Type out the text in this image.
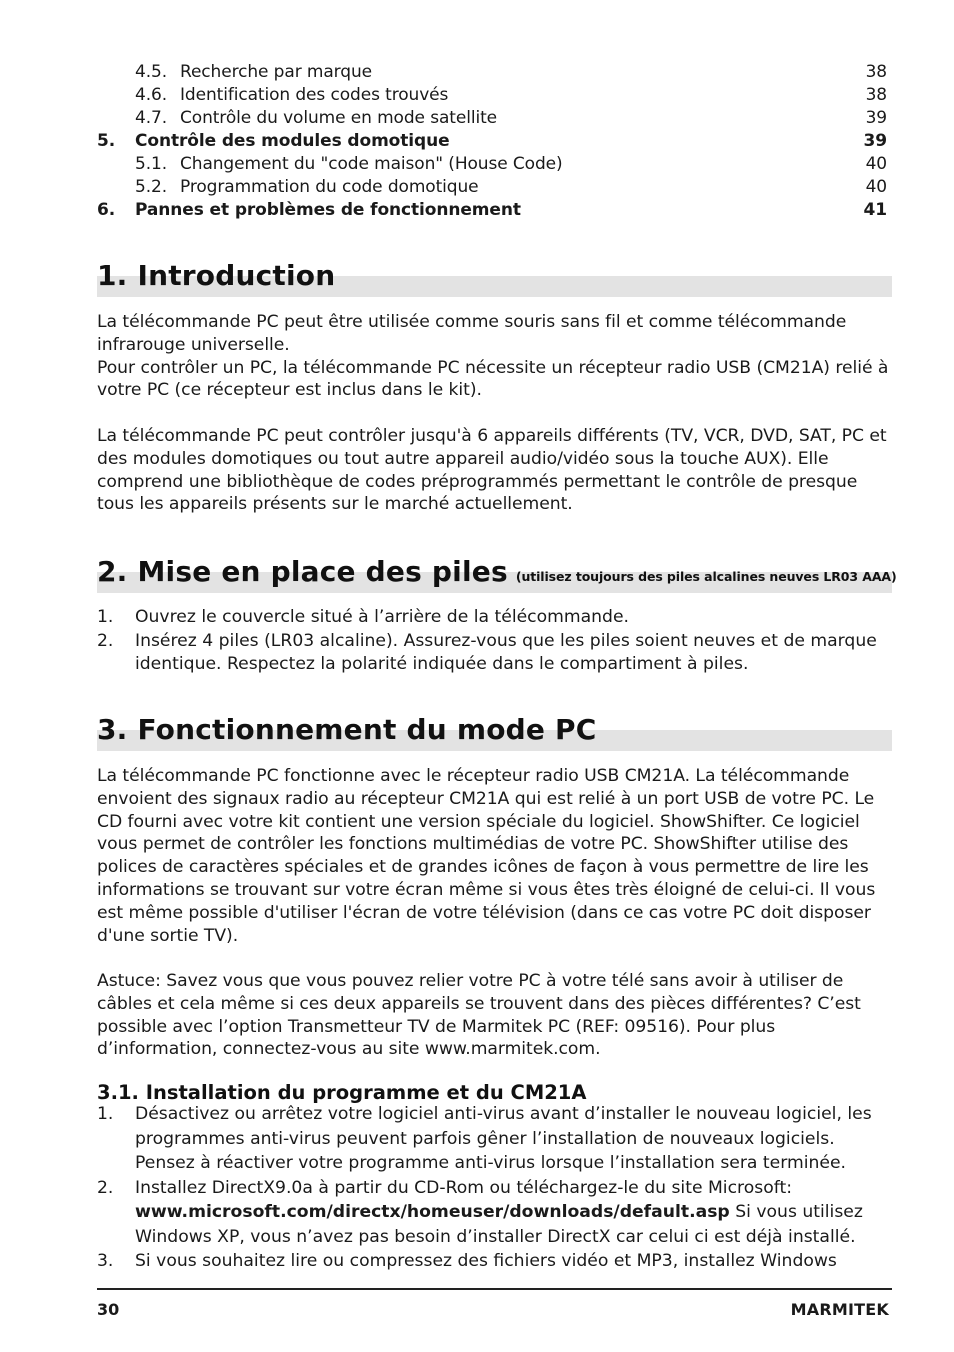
4.5. Recherche par marque	38
4.6. Identification des codes trouvés	38
4.7. Contrôle du volume en mode satellite	39
5.	Contrôle des modules domotique	39
5.1. Changement du "code maison" (House Code)	40
5.2. Programmation du code domotique	40
6.	Pannes et problèmes de fonctionnement	41
1. Introduction
La télécommande PC peut être utilisée comme souris sans fil et comme télécommande infrarouge universelle.
Pour contrôler un PC, la télécommande PC nécessite un récepteur radio USB (CM21A) relié à votre PC (ce récepteur est inclus dans le kit).

La télécommande PC peut contrôler jusqu'à 6 appareils différents (TV, VCR, DVD, SAT, PC et des modules domotiques ou tout autre appareil audio/vidéo sous la touche AUX). Elle comprend une bibliothèque de codes préprogrammés permettant le contrôle de presque tous les appareils présents sur le marché actuellement.

2. Mise en place des piles (utilisez toujours des piles alcalines neuves LR03 AAA)
1. Ouvrez le couvercle situé à l’arrière de la télécommande.
2. Insérez 4 piles (LR03 alcaline). Assurez-vous que les piles soient neuves et de marque identique. Respectez la polarité indiquée dans le compartiment à piles.
3. Fonctionnement du mode PC

La télécommande PC fonctionne avec le récepteur radio USB CM21A. La télécommande envoient des signaux radio au récepteur CM21A qui est relié à un port USB de votre PC. Le CD fourni avec votre kit contient une version spéciale du logiciel. ShowShifter. Ce logiciel vous permet de contrôler les fonctions multimédias de votre PC. ShowShifter utilise des polices de caractères spéciales et de grandes icônes de façon à vous permettre de lire les informations se trouvant sur votre écran même si vous êtes très éloigné de celui-ci. Il vous est même possible d'utiliser l'écran de votre télévision (dans ce cas votre PC doit disposer d'une sortie TV).

Astuce: Savez vous que vous pouvez relier votre PC à votre télé sans avoir à utiliser de câbles et cela même si ces deux appareils se trouvent dans des pièces différentes? C’est possible avec l’option Transmetteur TV de Marmitek PC (REF: 09516). Pour plus d’information, connectez-vous au site www.marmitek.com.

3.1. Installation du programme et du CM21A
1. Désactivez ou arrêtez votre logiciel anti-virus avant d’installer le nouveau logiciel, les programmes anti-virus peuvent parfois gêner l’installation de nouveaux logiciels. Pensez à réactiver votre programme anti-virus lorsque l’installation sera terminée.
2. Installez DirectX9.0a à partir du CD-Rom ou téléchargez-le du site Microsoft:
www.microsoft.com/directx/homeuser/downloads/default.asp Si vous utilisez Windows XP, vous n’avez pas besoin d’installer DirectX car celui ci est déjà installé.
3. Si vous souhaitez lire ou compressez des fichiers vidéo et MP3, installez Windows
30	MARMITEK
